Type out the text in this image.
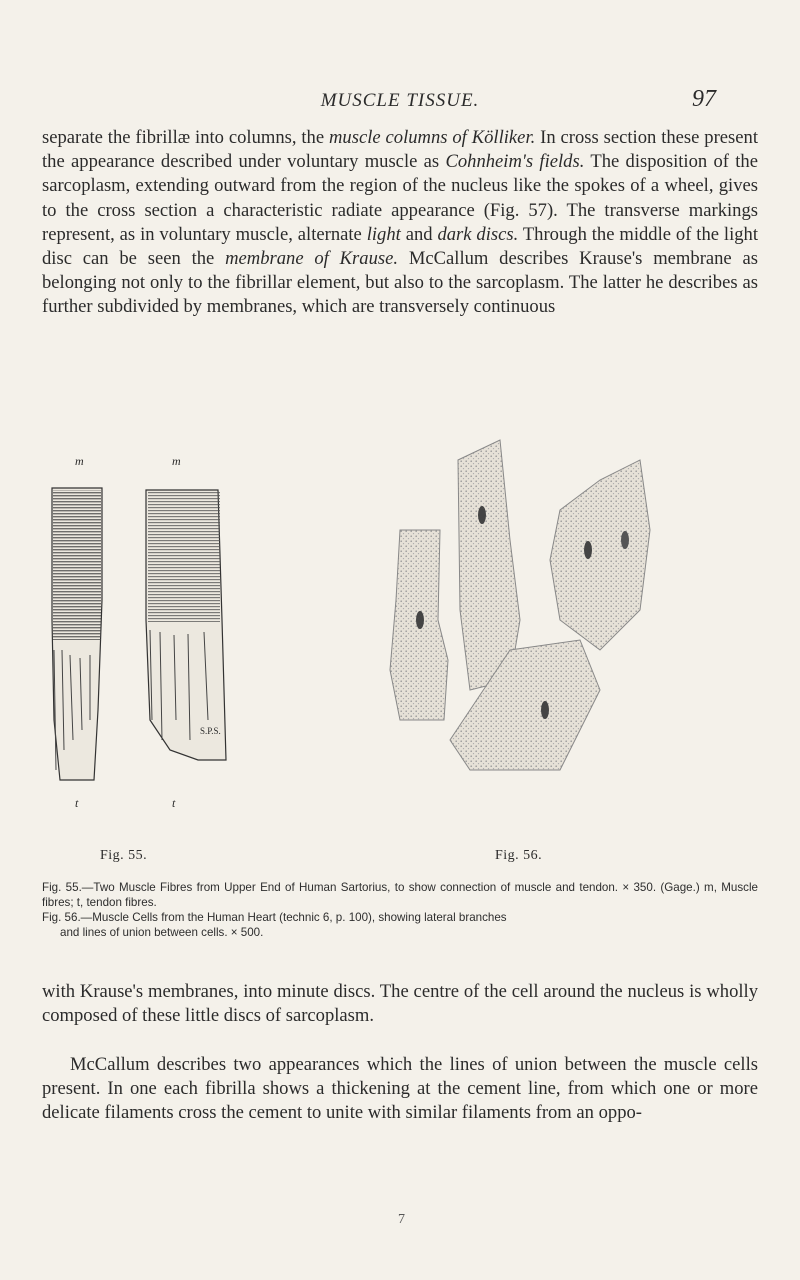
MUSCLE TISSUE.	97
separate the fibrillæ into columns, the muscle columns of Kölliker. In cross section these present the appearance described under voluntary muscle as Cohnheim's fields. The disposition of the sarcoplasm, extending outward from the region of the nucleus like the spokes of a wheel, gives to the cross section a characteristic radiate appearance (Fig. 57). The transverse markings represent, as in voluntary muscle, alternate light and dark discs. Through the middle of the light disc can be seen the membrane of Krause. McCallum describes Krause's membrane as belonging not only to the fibrillar element, but also to the sarcoplasm. The latter he describes as further subdivided by membranes, which are transversely continuous
m	m
t	t
S.P.S.
Fig. 55.	Fig. 56.
Fig. 55.—Two Muscle Fibres from Upper End of Human Sartorius, to show connection of muscle and tendon. × 350. (Gage.) m, Muscle fibres; t, tendon fibres.
Fig. 56.—Muscle Cells from the Human Heart (technic 6, p. 100), showing lateral branches
and lines of union between cells. × 500.
with Krause's membranes, into minute discs. The centre of the cell around the nucleus is wholly composed of these little discs of sarcoplasm.
McCallum describes two appearances which the lines of union between the muscle cells present. In one each fibrilla shows a thickening at the cement line, from which one or more delicate filaments cross the cement to unite with similar filaments from an oppo-
7
